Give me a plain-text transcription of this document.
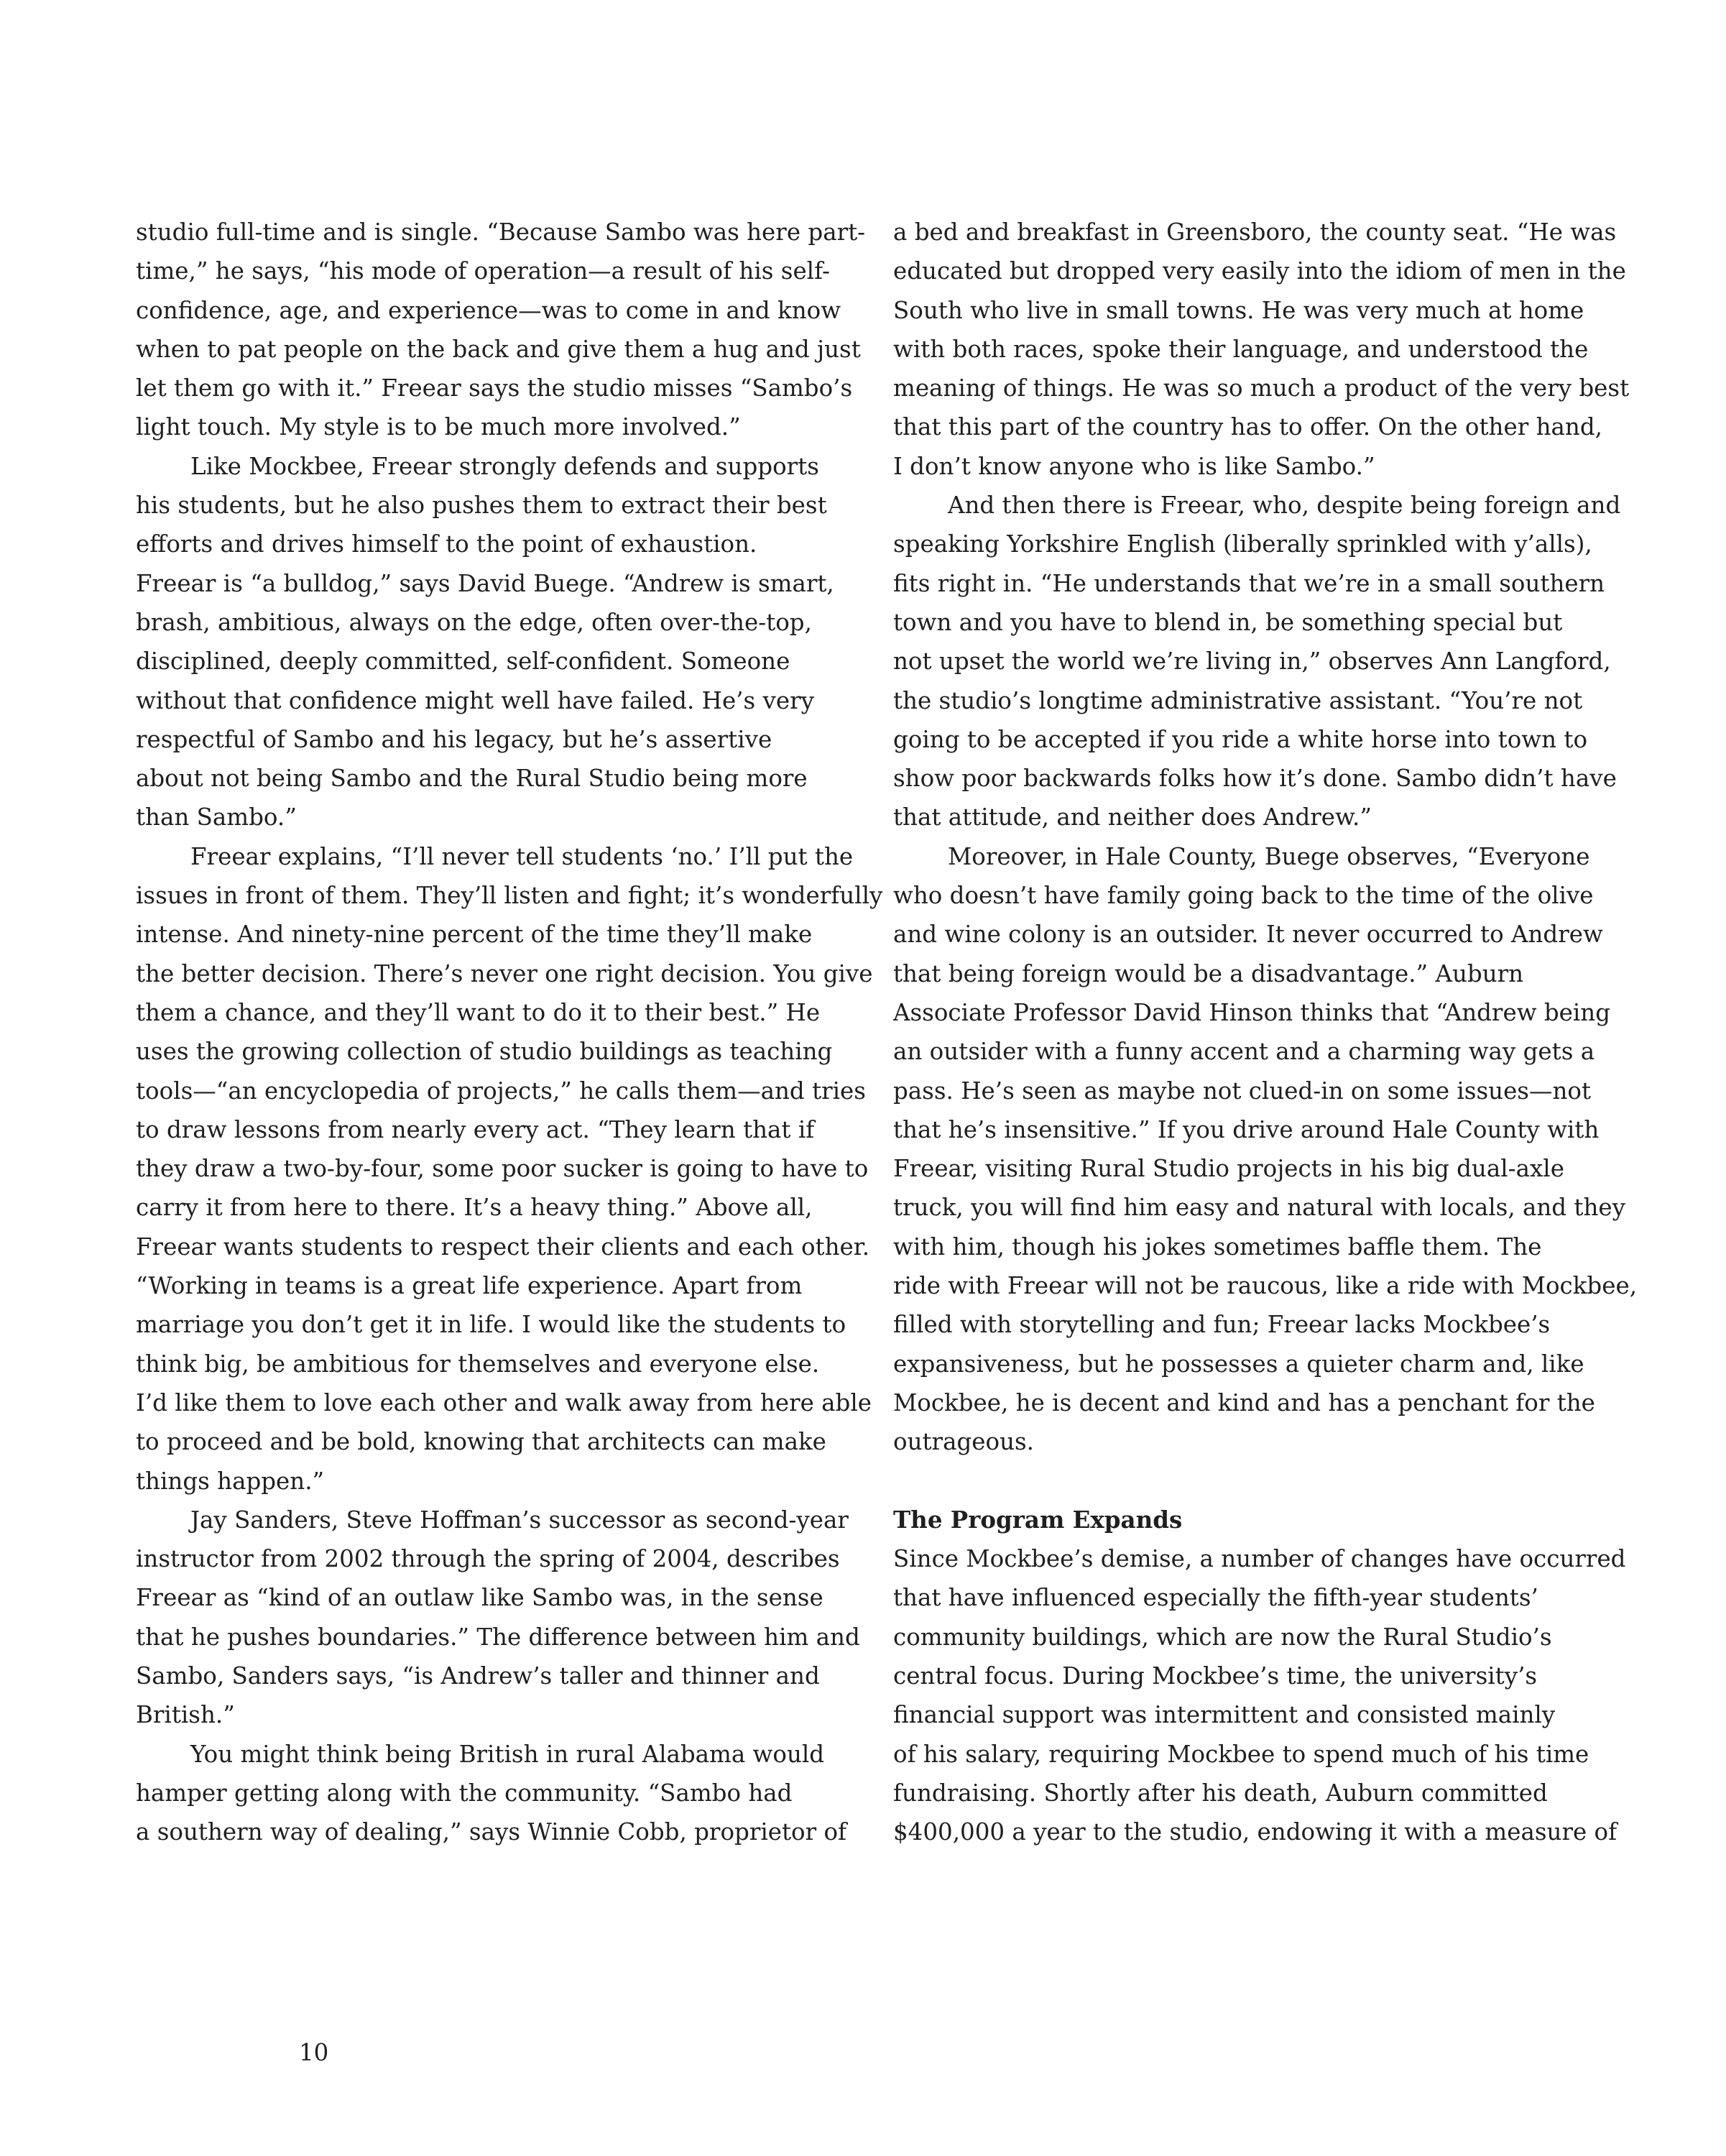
studio full-time and is single. “Because Sambo was here part-
time,” he says, “his mode of operation—a result of his self-
confidence, age, and experience—was to come in and know
when to pat people on the back and give them a hug and just
let them go with it.” Freear says the studio misses “Sambo’s
light touch. My style is to be much more involved.”
Like Mockbee, Freear strongly defends and supports
his students, but he also pushes them to extract their best
efforts and drives himself to the point of exhaustion.
Freear is “a bulldog,” says David Buege. “Andrew is smart,
brash, ambitious, always on the edge, often over-the-top,
disciplined, deeply committed, self-confident. Someone
without that confidence might well have failed. He’s very
respectful of Sambo and his legacy, but he’s assertive
about not being Sambo and the Rural Studio being more
than Sambo.”
Freear explains, “I’ll never tell students ‘no.’ I’ll put the
issues in front of them. They’ll listen and fight; it’s wonderfully
intense. And ninety-nine percent of the time they’ll make
the better decision. There’s never one right decision. You give
them a chance, and they’ll want to do it to their best.” He
uses the growing collection of studio buildings as teaching
tools—“an encyclopedia of projects,” he calls them—and tries
to draw lessons from nearly every act. “They learn that if
they draw a two-by-four, some poor sucker is going to have to
carry it from here to there. It’s a heavy thing.” Above all,
Freear wants students to respect their clients and each other.
“Working in teams is a great life experience. Apart from
marriage you don’t get it in life. I would like the students to
think big, be ambitious for themselves and everyone else.
I’d like them to love each other and walk away from here able
to proceed and be bold, knowing that architects can make
things happen.”
Jay Sanders, Steve Hoffman’s successor as second-year
instructor from 2002 through the spring of 2004, describes
Freear as “kind of an outlaw like Sambo was, in the sense
that he pushes boundaries.” The difference between him and
Sambo, Sanders says, “is Andrew’s taller and thinner and
British.”
You might think being British in rural Alabama would
hamper getting along with the community. “Sambo had
a southern way of dealing,” says Winnie Cobb, proprietor of
a bed and breakfast in Greensboro, the county seat. “He was
educated but dropped very easily into the idiom of men in the
South who live in small towns. He was very much at home
with both races, spoke their language, and understood the
meaning of things. He was so much a product of the very best
that this part of the country has to offer. On the other hand,
I don’t know anyone who is like Sambo.”
And then there is Freear, who, despite being foreign and
speaking Yorkshire English (liberally sprinkled with y’alls),
fits right in. “He understands that we’re in a small southern
town and you have to blend in, be something special but
not upset the world we’re living in,” observes Ann Langford,
the studio’s longtime administrative assistant. “You’re not
going to be accepted if you ride a white horse into town to
show poor backwards folks how it’s done. Sambo didn’t have
that attitude, and neither does Andrew.”
Moreover, in Hale County, Buege observes, “Everyone
who doesn’t have family going back to the time of the olive
and wine colony is an outsider. It never occurred to Andrew
that being foreign would be a disadvantage.” Auburn
Associate Professor David Hinson thinks that “Andrew being
an outsider with a funny accent and a charming way gets a
pass. He’s seen as maybe not clued-in on some issues—not
that he’s insensitive.” If you drive around Hale County with
Freear, visiting Rural Studio projects in his big dual-axle
truck, you will find him easy and natural with locals, and they
with him, though his jokes sometimes baffle them. The
ride with Freear will not be raucous, like a ride with Mockbee,
filled with storytelling and fun; Freear lacks Mockbee’s
expansiveness, but he possesses a quieter charm and, like
Mockbee, he is decent and kind and has a penchant for the
outrageous.
The Program Expands
Since Mockbee’s demise, a number of changes have occurred
that have influenced especially the fifth-year students’
community buildings, which are now the Rural Studio’s
central focus. During Mockbee’s time, the university’s
financial support was intermittent and consisted mainly
of his salary, requiring Mockbee to spend much of his time
fundraising. Shortly after his death, Auburn committed
$400,000 a year to the studio, endowing it with a measure of
10
